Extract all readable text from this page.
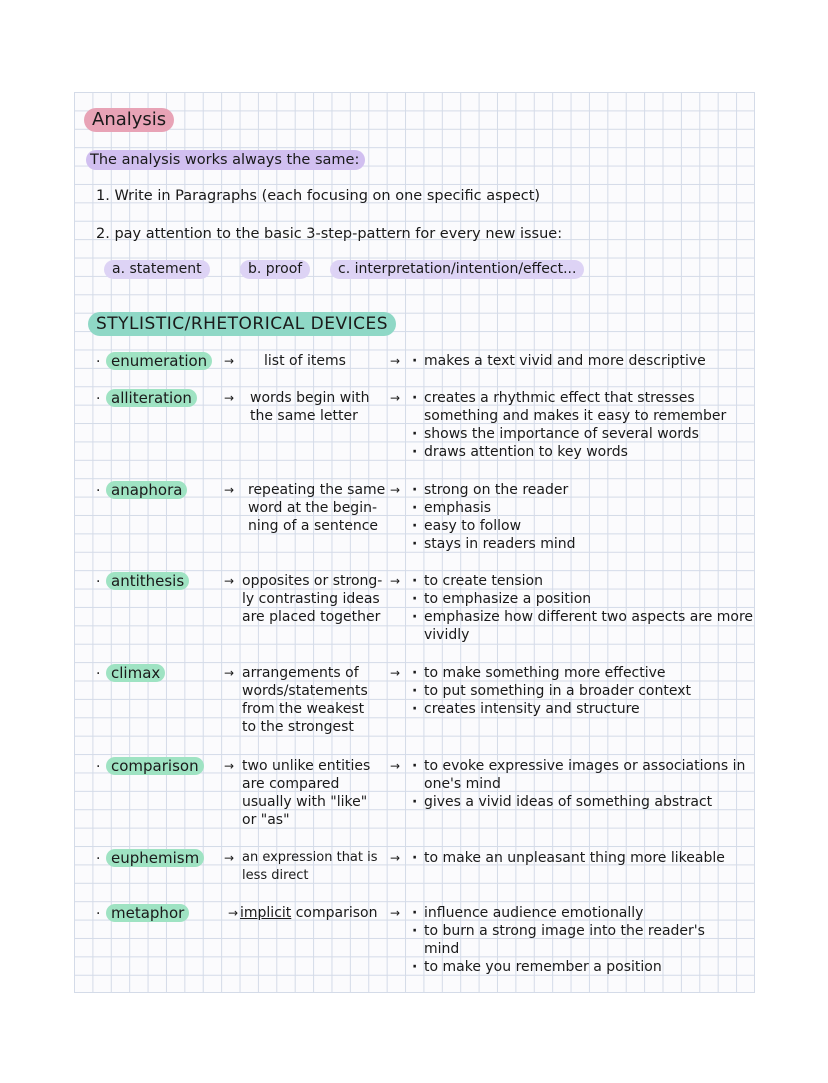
Analysis
The analysis works always the same:
1. Write in Paragraphs (each focusing on one specific aspect)
2. pay attention to the basic 3-step-pattern for every new issue:
a. statement	b. proof	c. interpretation/intention/effect...
STYLISTIC/RHETORICAL DEVICES
· enumeration	→ list of items	→	· makes a text vivid and more descriptive
· alliteration	→ words begin with
the same letter
→	· creates a rhythmic effect that stresses something and makes it easy to remember
· shows the importance of several words
· draws attention to key words
· anaphora	→ repeating the same
word at the begin-
ning of a sentence
→	· strong on the reader
· emphasis
· easy to follow
· stays in readers mind
· antithesis	→ opposites or strong-
ly contrasting ideas
are placed together
→	· to create tension
· to emphasize a position
· emphasize how different two aspects are more vividly
· climax	→ arrangements of
words/statements
from the weakest
to the strongest
→	· to make something more effective
· to put something in a broader context
· creates intensity and structure
· comparison	→ two unlike entities
are compared
usually with "like"
or "as"
→	· to evoke expressive images or associations in one's mind
· gives a vivid ideas of something abstract
· euphemism	→ an expression that is
less direct
→	· to make an unpleasant thing more likeable
· metaphor	→ implicit comparison →	· influence audience emotionally
· to burn a strong image into the reader's mind
· to make you remember a position
